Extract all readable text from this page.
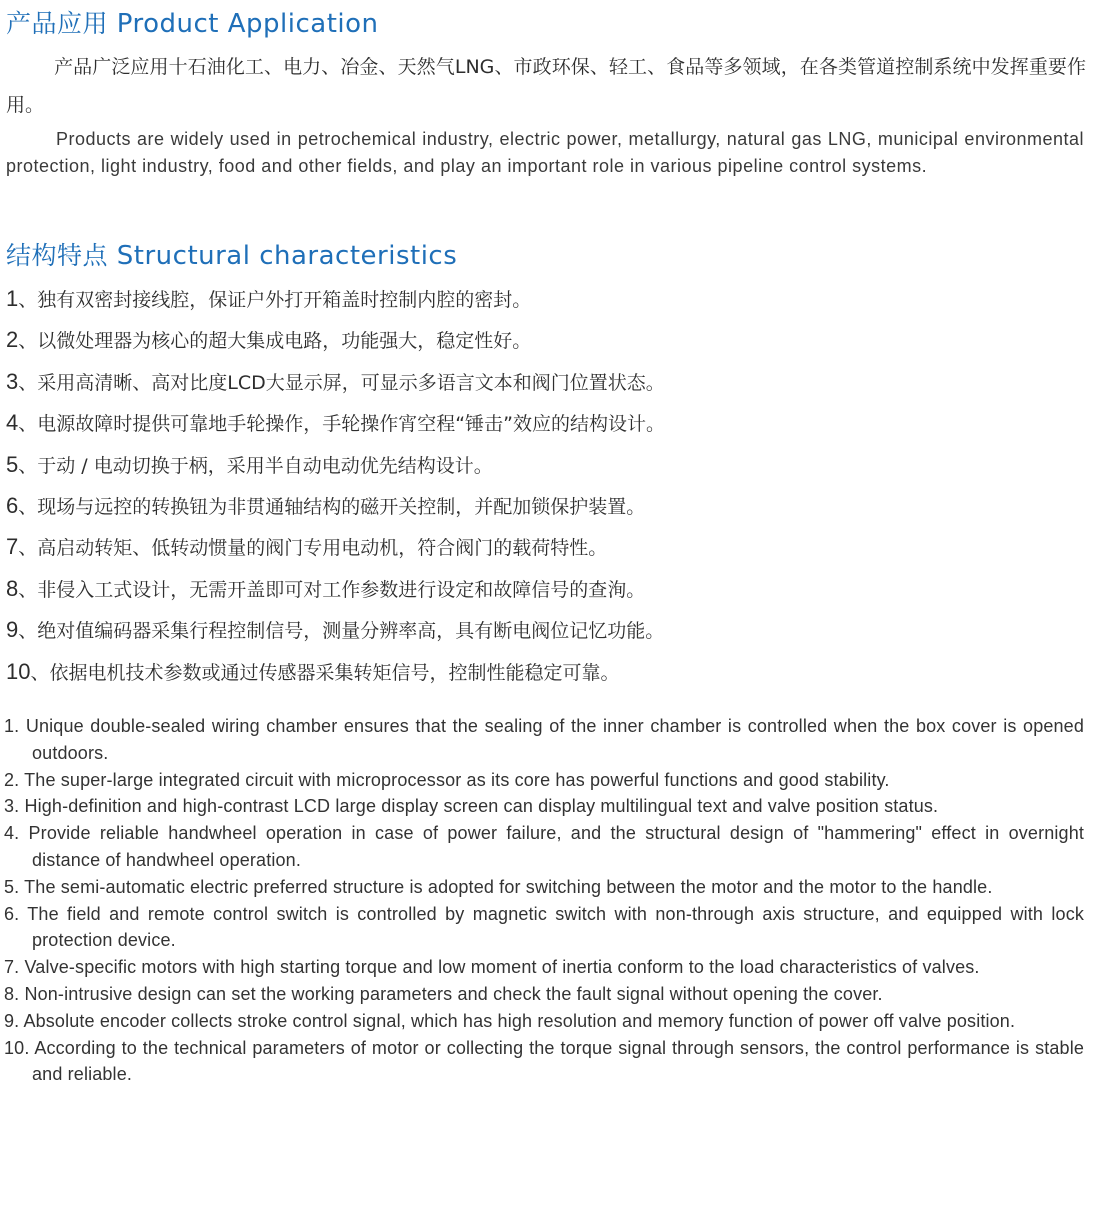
产品应用 Product Application
产品广泛应用十石油化工、电力、冶金、天然气LNG、市政环保、轻工、食品等多领域，在各类管道控制系统中发挥重要作用。
Products are widely used in petrochemical industry, electric power, metallurgy, natural gas LNG, municipal environmental protection, light industry, food and other fields, and play an important role in various pipeline control systems.
结构特点 Structural characteristics
1、独有双密封接线腔，保证户外打开箱盖时控制内腔的密封。
2、以微处理器为核心的超大集成电路，功能强大，稳定性好。
3、采用高清晰、高对比度LCD大显示屏，可显示多语言文本和阀门位置状态。
4、电源故障时提供可靠地手轮操作，手轮操作宵空程“锤击”效应的结构设计。
5、于动 / 电动切换于柄，采用半自动电动优先结构设计。
6、现场与远控的转换钮为非贯通轴结构的磁开关控制，并配加锁保护装置。
7、高启动转矩、低转动惯量的阀门专用电动机，符合阀门的载荷特性。
8、非侵入工式设计，无需开盖即可对工作参数进行设定和故障信号的查洵。
9、绝对值编码器采集行程控制信号，测量分辨率高，具有断电阀位记忆功能。
10、依据电机技术参数或通过传感器采集转矩信号，控制性能稳定可靠。
1. Unique double-sealed wiring chamber ensures that the sealing of the inner chamber is controlled when the box cover is opened outdoors.
2. The super-large integrated circuit with microprocessor as its core has powerful functions and good stability.
3. High-definition and high-contrast LCD large display screen can display multilingual text and valve position status.
4. Provide reliable handwheel operation in case of power failure, and the structural design of "hammering" effect in overnight distance of handwheel operation.
5. The semi-automatic electric preferred structure is adopted for switching between the motor and the motor to the handle.
6. The field and remote control switch is controlled by magnetic switch with non-through axis structure, and equipped with lock protection device.
7. Valve-specific motors with high starting torque and low moment of inertia conform to the load characteristics of valves.
8. Non-intrusive design can set the working parameters and check the fault signal without opening the cover.
9. Absolute encoder collects stroke control signal, which has high resolution and memory function of power off valve position.
10. According to the technical parameters of motor or collecting the torque signal through sensors, the control performance is stable and reliable.
